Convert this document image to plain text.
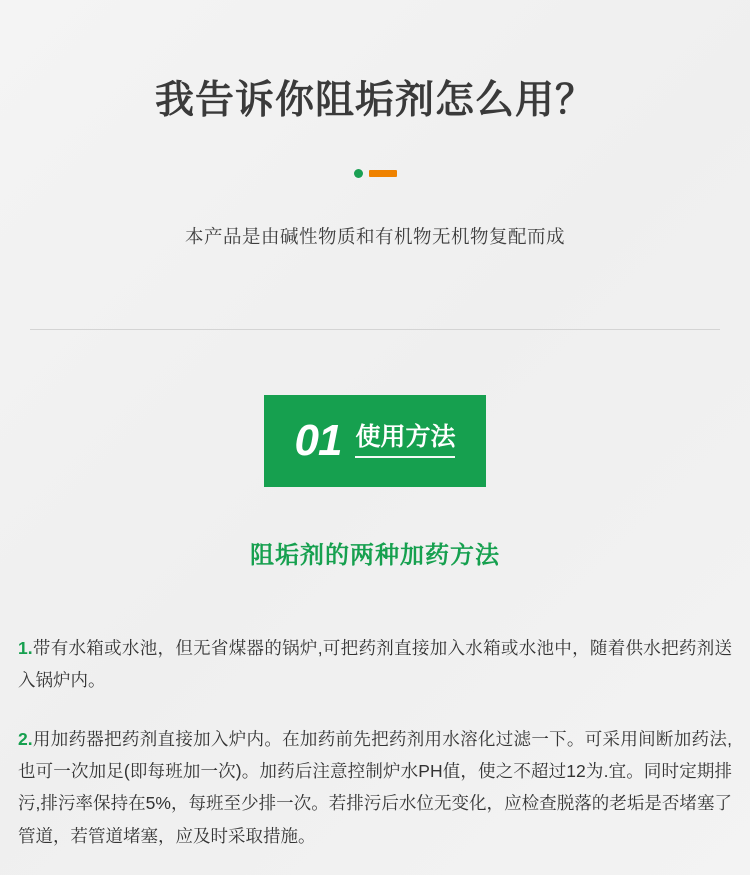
我告诉你阻垢剂怎么用？
本产品是由碱性物质和有机物无机物复配而成
01 使用方法
阻垢剂的两种加药方法

1.带有水箱或水池，但无省煤器的锅炉,可把药剂直接加入水箱或水池中，随着供水把药剂送入锅炉内。

2.用加药器把药剂直接加入炉内。在加药前先把药剂用水溶化过滤一下。可采用间断加药法,也可一次加足(即每班加一次)。加药后注意控制炉水PH值，使之不超过12为.宜。同时定期排污,排污率保持在5%，每班至少排一次。若排污后水位无变化，应检查脱落的老垢是否堵塞了管道，若管道堵塞，应及时采取措施。
